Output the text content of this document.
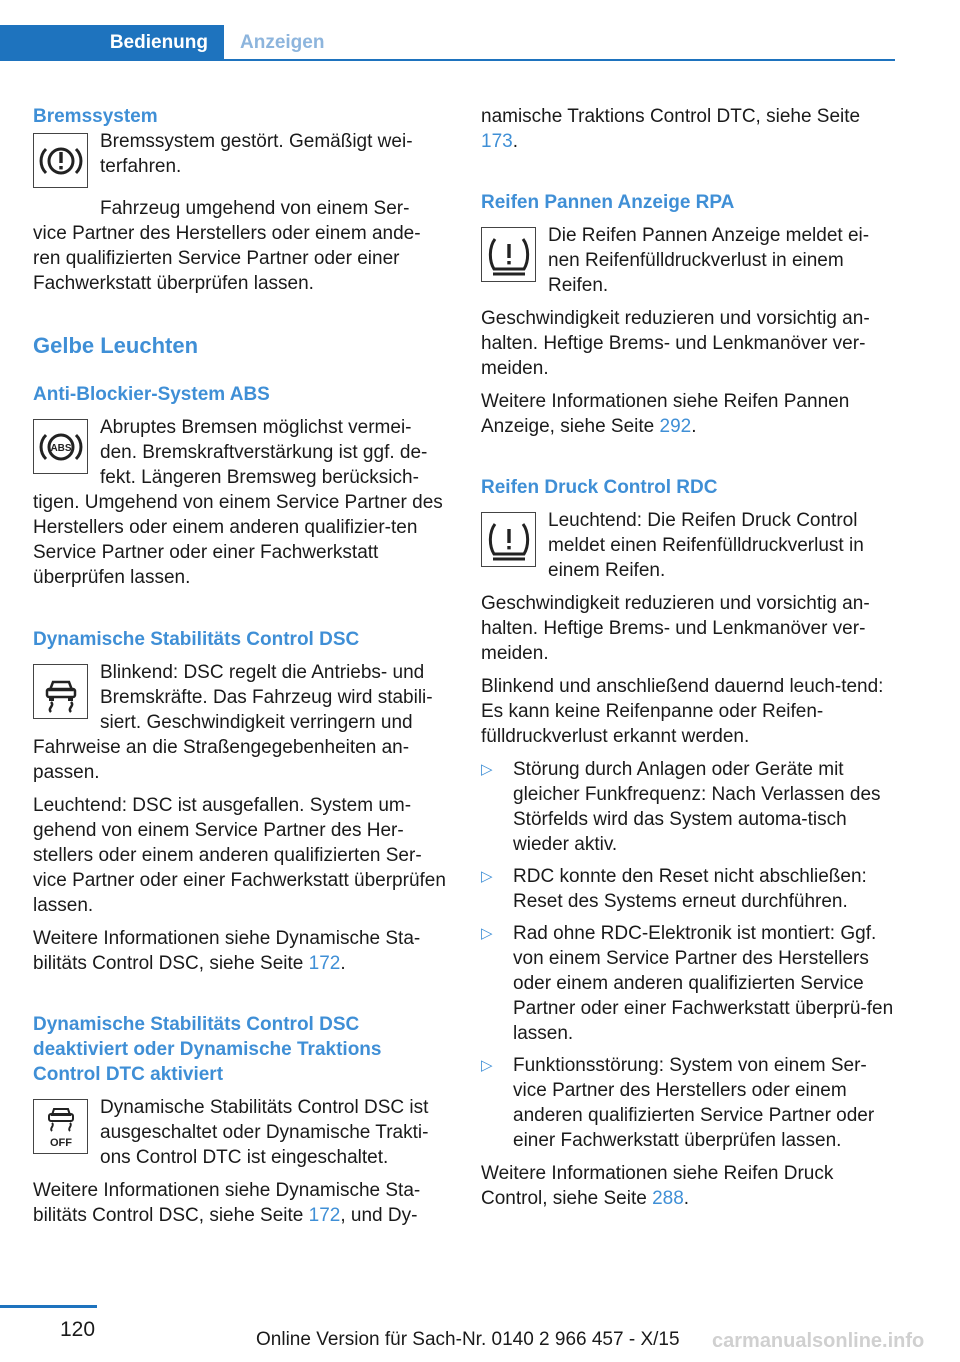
Bedienung	Anzeigen
Bremssystem
Bremssystem gestört. Gemäßigt wei-terfahren.

Fahrzeug umgehend von einem Ser-

vice Partner des Herstellers oder einem ande-ren qualifizierten Service Partner oder einer Fachwerkstatt überprüfen lassen.

Gelbe Leuchten
Anti-Blockier-System ABS
ABS
Abruptes Bremsen möglichst vermei-den. Bremskraftverstärkung ist ggf. de-fekt. Längeren Bremsweg berücksich-

tigen. Umgehend von einem Service Partner des Herstellers oder einem anderen qualifizier-ten Service Partner oder einer Fachwerkstatt überprüfen lassen.

Dynamische Stabilitäts Control DSC
Blinkend: DSC regelt die Antriebs- und Bremskräfte. Das Fahrzeug wird stabili-siert. Geschwindigkeit verringern und

Fahrweise an die Straßengegebenheiten an-passen.

Leuchtend: DSC ist ausgefallen. System um-gehend von einem Service Partner des Her-stellers oder einem anderen qualifizierten Ser-vice Partner oder einer Fachwerkstatt überprüfen lassen.

Weitere Informationen siehe Dynamische Sta-bilitäts Control DSC, siehe Seite 172.

Dynamische Stabilitäts Control DSC deaktiviert oder Dynamische Traktions Control DTC aktiviert
OFF
Dynamische Stabilitäts Control DSC ist ausgeschaltet oder Dynamische Trakti-ons Control DTC ist eingeschaltet.

Weitere Informationen siehe Dynamische Sta-bilitäts Control DSC, siehe Seite 172, und Dy-

namische Traktions Control DTC, siehe Seite 173.

Reifen Pannen Anzeige RPA
Die Reifen Pannen Anzeige meldet ei-nen Reifenfülldruckverlust in einem Reifen.

Geschwindigkeit reduzieren und vorsichtig an-halten. Heftige Brems- und Lenkmanöver ver-meiden.

Weitere Informationen siehe Reifen Pannen Anzeige, siehe Seite 292.

Reifen Druck Control RDC
Leuchtend: Die Reifen Druck Control meldet einen Reifenfülldruckverlust in einem Reifen.

Geschwindigkeit reduzieren und vorsichtig an-halten. Heftige Brems- und Lenkmanöver ver-meiden.

Blinkend und anschließend dauernd leuch-tend: Es kann keine Reifenpanne oder Reifen-fülldruckverlust erkannt werden.

▷	Störung durch Anlagen oder Geräte mit gleicher Funkfrequenz: Nach Verlassen des Störfelds wird das System automa-tisch wieder aktiv.
▷	RDC konnte den Reset nicht abschließen: Reset des Systems erneut durchführen.
▷	Rad ohne RDC-Elektronik ist montiert: Ggf. von einem Service Partner des Herstellers oder einem anderen qualifizierten Service Partner oder einer Fachwerkstatt überprü-fen lassen.
▷	Funktionsstörung: System von einem Ser-vice Partner des Herstellers oder einem anderen qualifizierten Service Partner oder einer Fachwerkstatt überprüfen lassen.

Weitere Informationen siehe Reifen Druck Control, siehe Seite 288.

120	Online Version für Sach-Nr. 0140 2 966 457 - X/15 carmanualsonline.info
